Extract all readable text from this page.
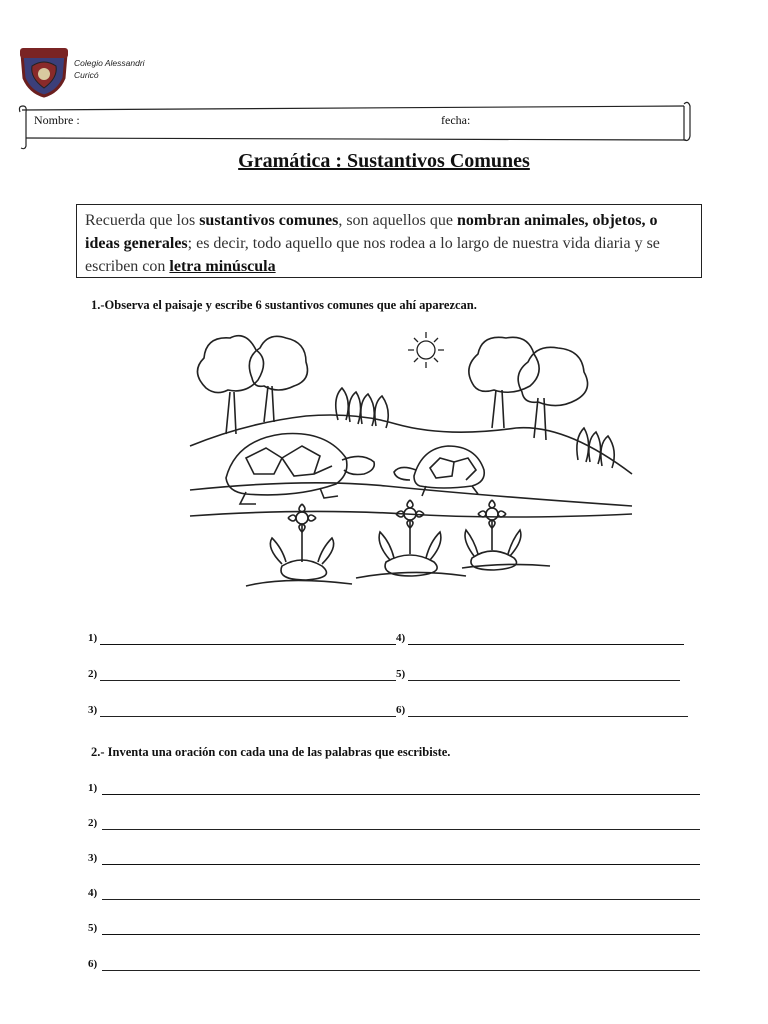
Colegio Alessandri
Curicó
Nombre :	fecha:
Gramática : Sustantivos Comunes
Recuerda que los sustantivos comunes, son aquellos que nombran animales, objetos, o ideas generales; es decir, todo aquello que nos rodea a lo largo de nuestra vida diaria y se escriben con letra minúscula
1.-Observa el paisaje y escribe 6 sustantivos comunes que ahí aparezcan.
1)	4)
2)	5)
3)	6)
2.- Inventa una oración con cada una de las palabras que escribiste.
1)
2)
3)
4)
5)
6)
